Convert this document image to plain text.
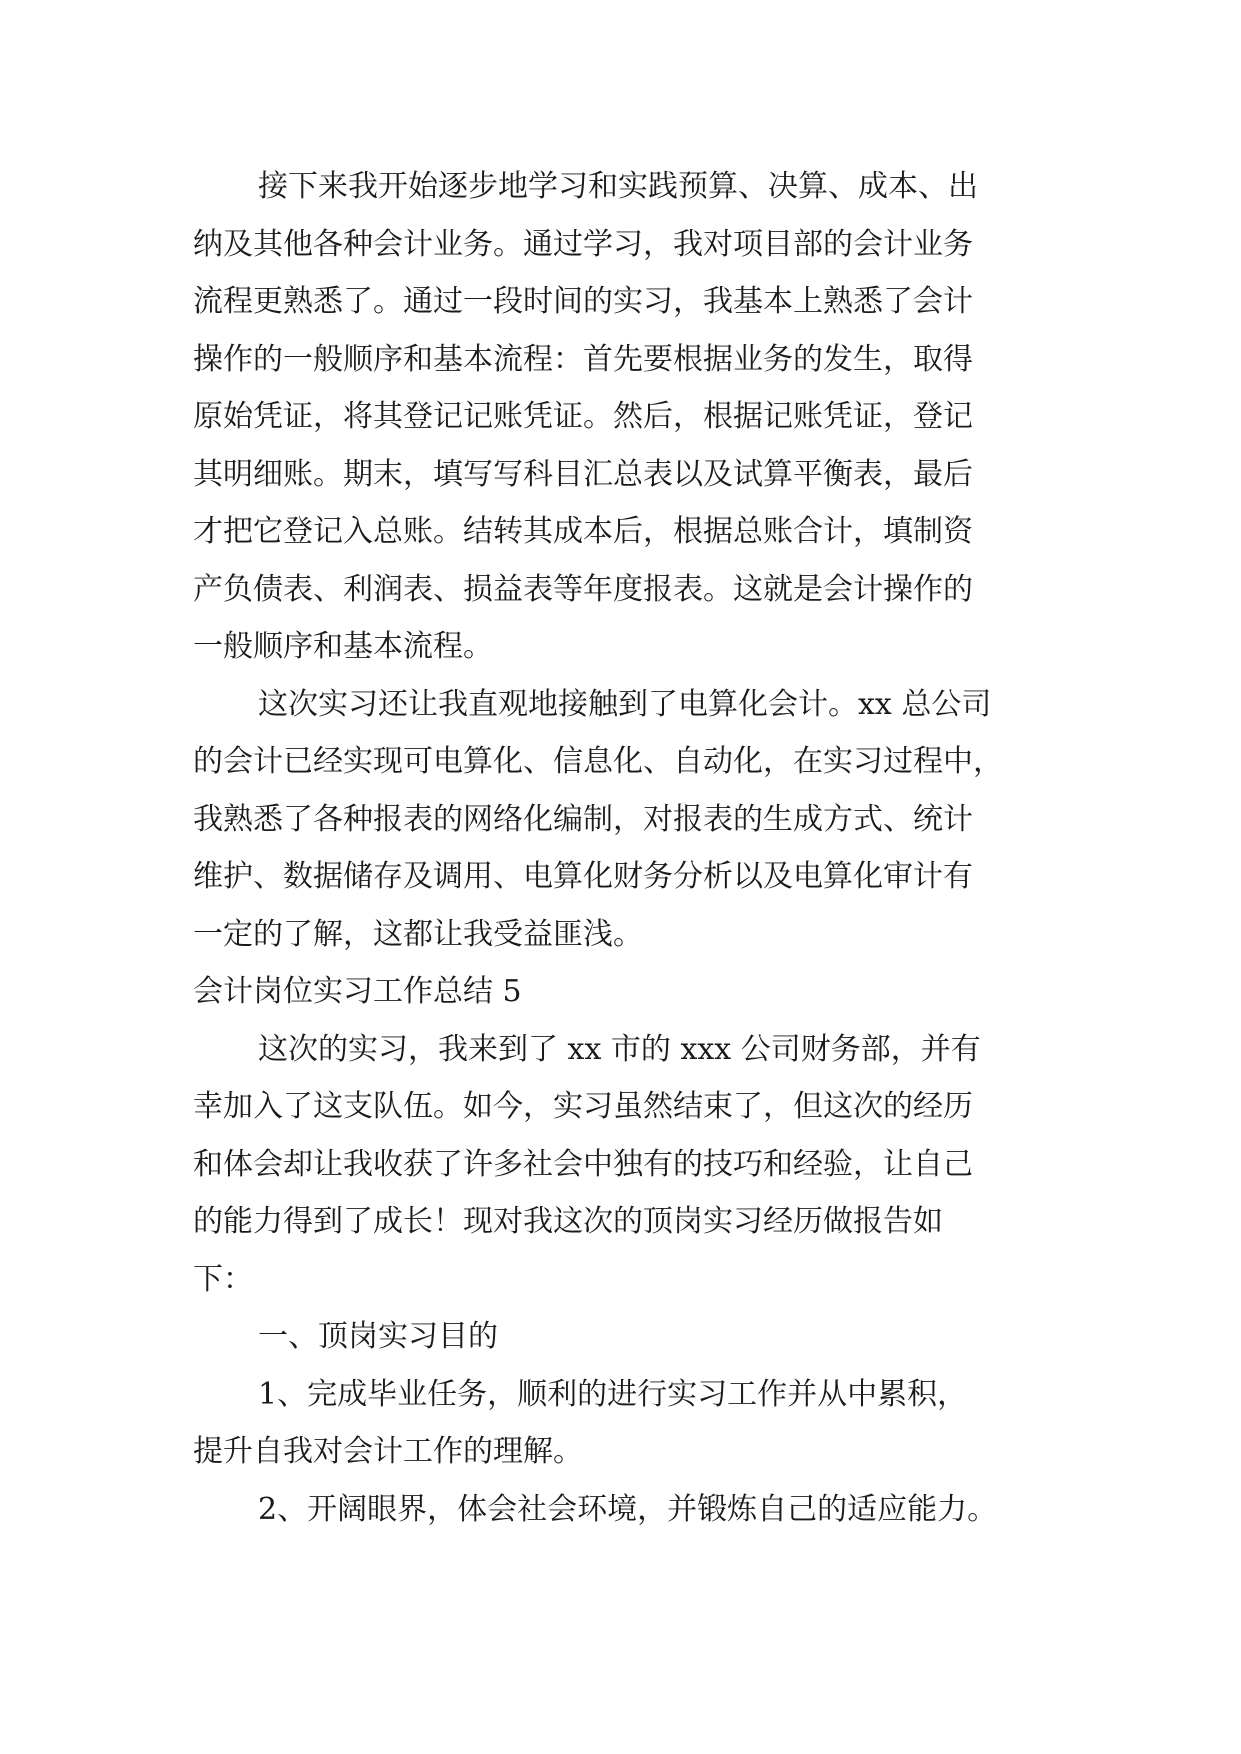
接下来我开始逐步地学习和实践预算、决算、成本、出
纳及其他各种会计业务。通过学习，我对项目部的会计业务
流程更熟悉了。通过一段时间的实习，我基本上熟悉了会计
操作的一般顺序和基本流程：首先要根据业务的发生，取得
原始凭证，将其登记记账凭证。然后，根据记账凭证，登记
其明细账。期末，填写写科目汇总表以及试算平衡表，最后
才把它登记入总账。结转其成本后，根据总账合计，填制资
产负债表、利润表、损益表等年度报表。这就是会计操作的
一般顺序和基本流程。
这次实习还让我直观地接触到了电算化会计。xx 总公司
的会计已经实现可电算化、信息化、自动化，在实习过程中，
我熟悉了各种报表的网络化编制，对报表的生成方式、统计
维护、数据储存及调用、电算化财务分析以及电算化审计有
一定的了解，这都让我受益匪浅。
会计岗位实习工作总结 5
这次的实习，我来到了 xx 市的 xxx 公司财务部，并有
幸加入了这支队伍。如今，实习虽然结束了，但这次的经历
和体会却让我收获了许多社会中独有的技巧和经验，让自己
的能力得到了成长！现对我这次的顶岗实习经历做报告如
下：
一、顶岗实习目的
1、完成毕业任务，顺利的进行实习工作并从中累积，
提升自我对会计工作的理解。
2、开阔眼界，体会社会环境，并锻炼自己的适应能力。
